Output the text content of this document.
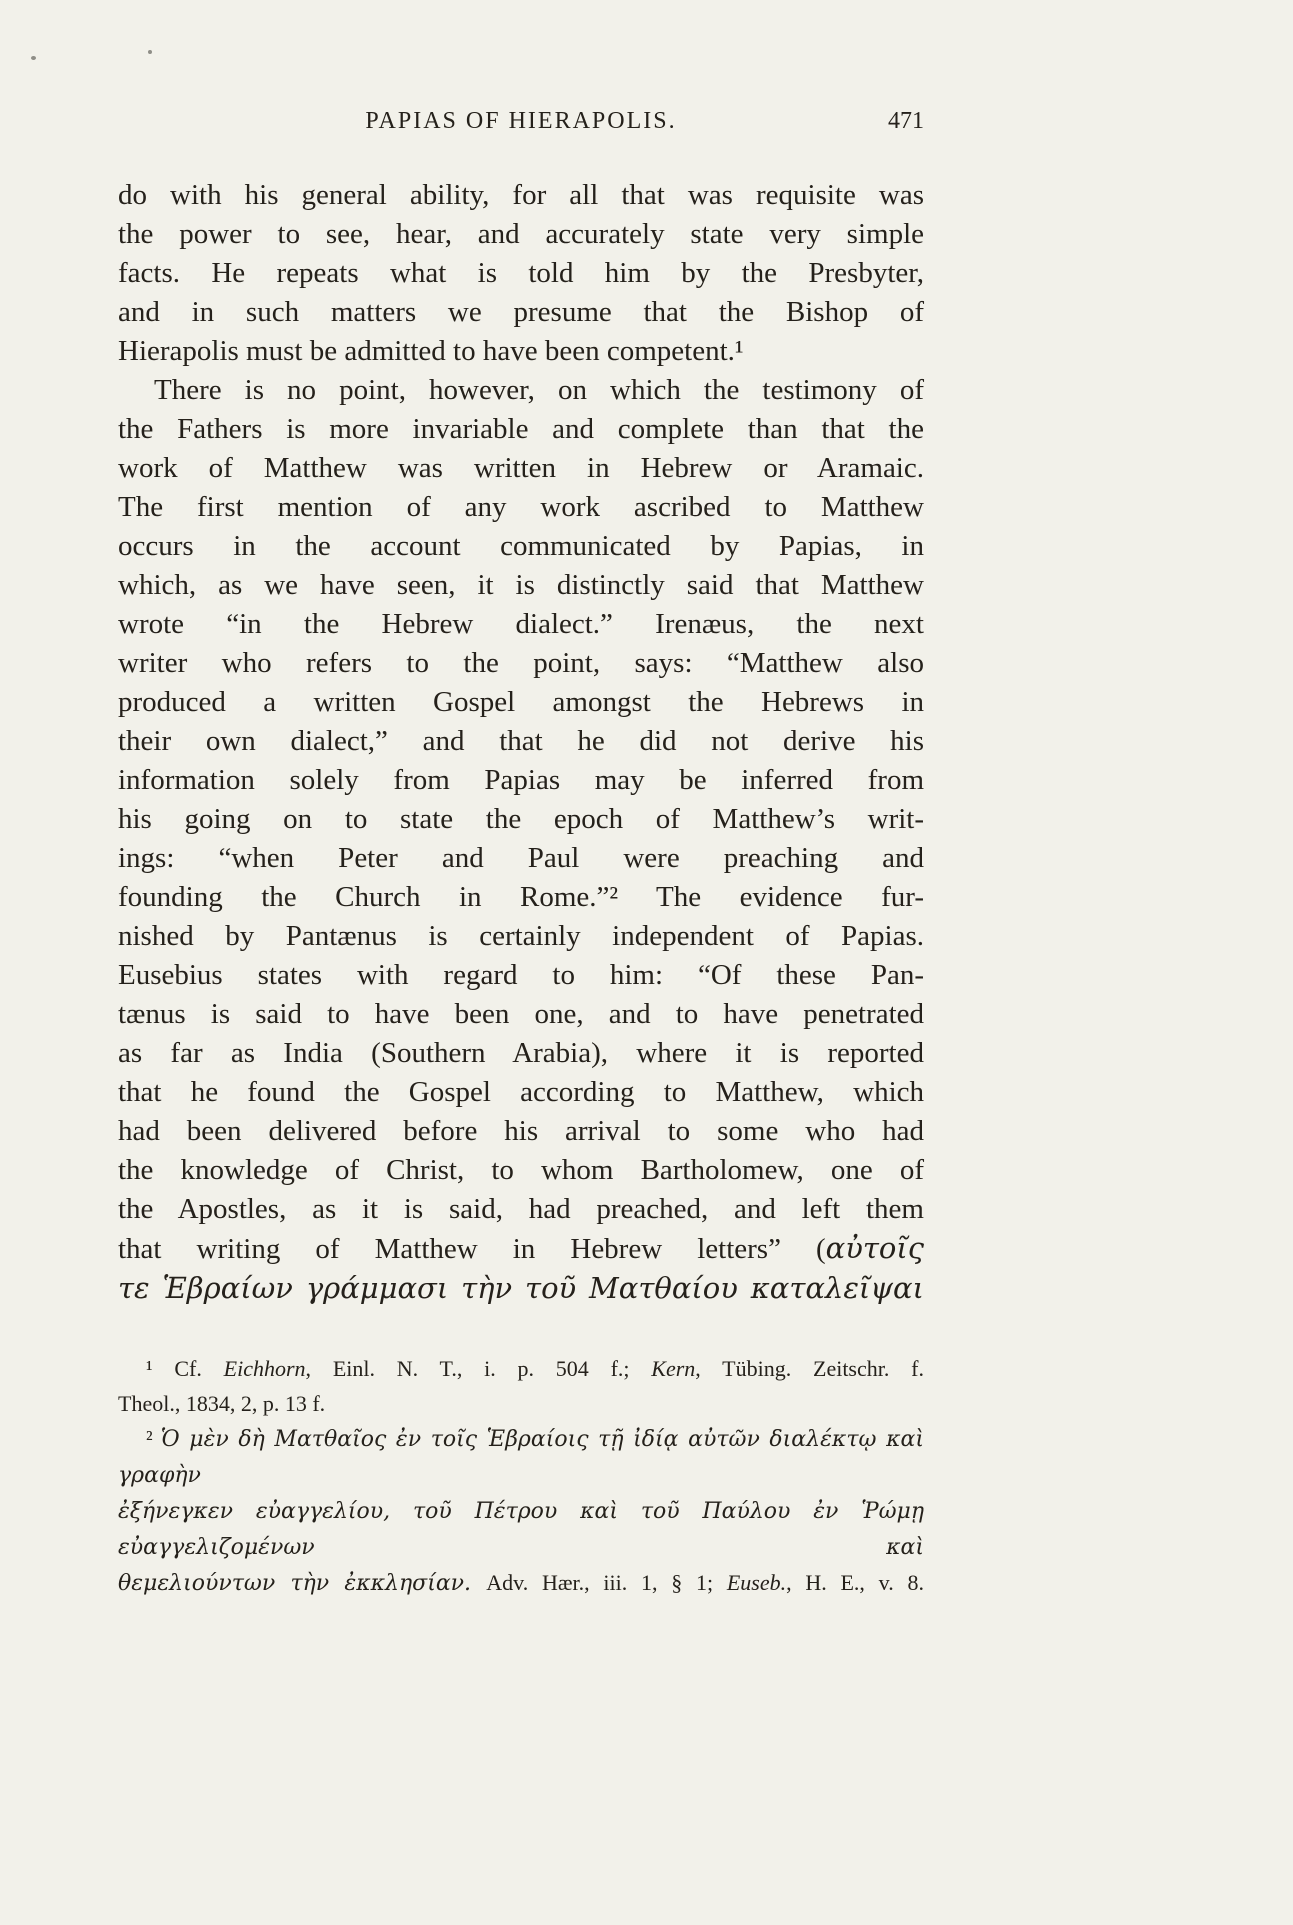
PAPIAS OF HIERAPOLIS.	471
do with his general ability, for all that was requisite was
the power to see, hear, and accurately state very simple
facts. He repeats what is told him by the Presbyter,
and in such matters we presume that the Bishop of
Hierapolis must be admitted to have been competent.¹
There is no point, however, on which the testimony of
the Fathers is more invariable and complete than that the
work of Matthew was written in Hebrew or Aramaic.
The first mention of any work ascribed to Matthew
occurs in the account communicated by Papias, in
which, as we have seen, it is distinctly said that Matthew
wrote “in the Hebrew dialect.” Irenæus, the next
writer who refers to the point, says: “Matthew also
produced a written Gospel amongst the Hebrews in
their own dialect,” and that he did not derive his
information solely from Papias may be inferred from
his going on to state the epoch of Matthew’s writ-
ings: “when Peter and Paul were preaching and
founding the Church in Rome.”² The evidence fur-
nished by Pantænus is certainly independent of Papias.
Eusebius states with regard to him: “Of these Pan-
tænus is said to have been one, and to have penetrated
as far as India (Southern Arabia), where it is reported
that he found the Gospel according to Matthew, which
had been delivered before his arrival to some who had
the knowledge of Christ, to whom Bartholomew, one of
the Apostles, as it is said, had preached, and left them
that writing of Matthew in Hebrew letters” (αὐτοῖς
τε Ἑβραίων γράμμασι τὴν τοῦ Ματθαίου καταλεῖψαι
¹ Cf. Eichhorn, Einl. N. T., i. p. 504 f.; Kern, Tübing. Zeitschr. f.
Theol., 1834, 2, p. 13 f.
² Ὁ μὲν δὴ Ματθαῖος ἐν τοῖς Ἑβραίοις τῇ ἰδίᾳ αὐτῶν διαλέκτῳ καὶ γραφὴν
ἐξήνεγκεν εὐαγγελίου, τοῦ Πέτρου καὶ τοῦ Παύλου ἐν Ῥώμῃ εὐαγγελιζομένων καὶ
θεμελιούντων τὴν ἐκκλησίαν. Adv. Hær., iii. 1, § 1; Euseb., H. E., v. 8.
